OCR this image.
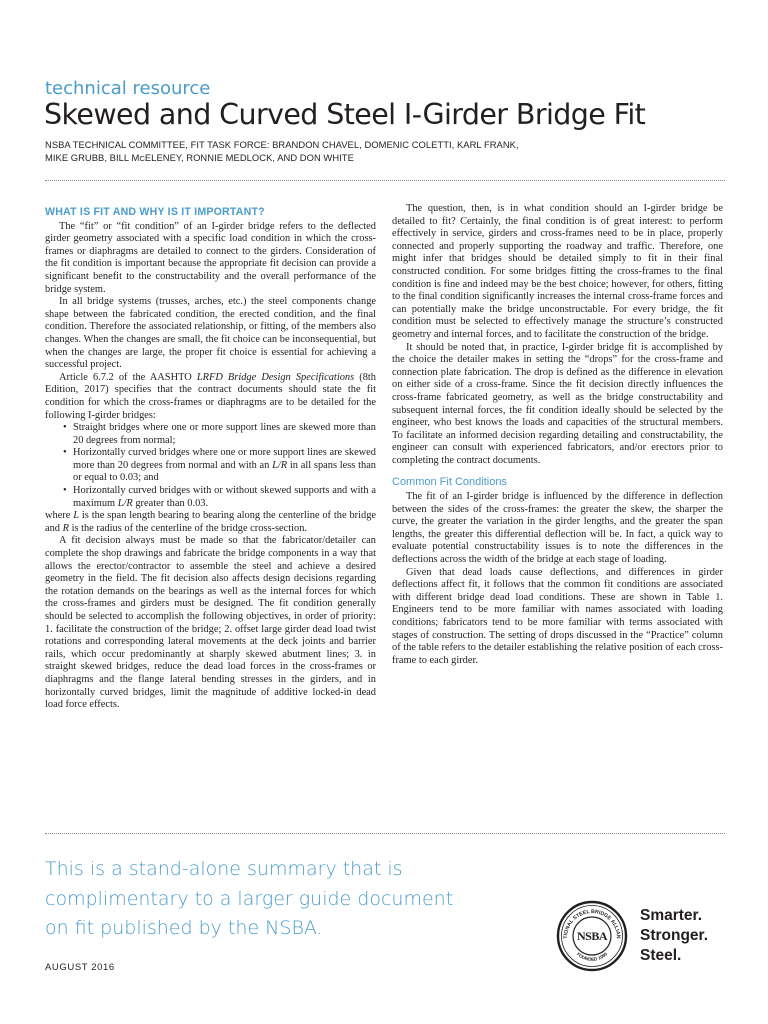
technical resource
Skewed and Curved Steel I-Girder Bridge Fit
NSBA TECHNICAL COMMITTEE, FIT TASK FORCE: BRANDON CHAVEL, DOMENIC COLETTI, KARL FRANK,
MIKE GRUBB, BILL MCELENEY, RONNIE MEDLOCK, AND DON WHITE
WHAT IS FIT AND WHY IS IT IMPORTANT?

The “fit” or “fit condition” of an I-girder bridge refers to the deflected girder geometry associated with a specific load condition in which the cross-frames or diaphragms are detailed to connect to the girders. Consideration of the fit condition is important because the appropriate fit decision can provide a significant benefit to the constructability and the overall performance of the bridge system.

In all bridge systems (trusses, arches, etc.) the steel components change shape between the fabricated condition, the erected condition, and the final condition. Therefore the associated relationship, or fitting, of the members also changes. When the changes are small, the fit choice can be inconsequential, but when the changes are large, the proper fit choice is essential for achieving a successful project.

Article 6.7.2 of the AASHTO LRFD Bridge Design Specifications (8th Edition, 2017) specifies that the contract documents should state the fit condition for which the cross-frames or diaphragms are to be detailed for the following I-girder bridges:

• Straight bridges where one or more support lines are skewed more than 20 degrees from normal;
• Horizontally curved bridges where one or more support lines are skewed more than 20 degrees from normal and with an L/R in all spans less than or equal to 0.03; and
• Horizontally curved bridges with or without skewed supports and with a maximum L/R greater than 0.03.

where L is the span length bearing to bearing along the centerline of the bridge and R is the radius of the centerline of the bridge cross-section.

A fit decision always must be made so that the fabricator/detailer can complete the shop drawings and fabricate the bridge components in a way that allows the erector/contractor to assemble the steel and achieve a desired geometry in the field. The fit decision also affects design decisions regarding the rotation demands on the bearings as well as the internal forces for which the cross-frames and girders must be designed. The fit condition generally should be selected to accomplish the following objectives, in order of priority: 1. facilitate the construction of the bridge; 2. offset large girder dead load twist rotations and corresponding lateral movements at the deck joints and barrier rails, which occur predominantly at sharply skewed abutment lines; 3. in straight skewed bridges, reduce the dead load forces in the cross-frames or diaphragms and the flange lateral bending stresses in the girders, and in horizontally curved bridges, limit the magnitude of additive locked-in dead load force effects.

The question, then, is in what condition should an I-girder bridge be detailed to fit? Certainly, the final condition is of great interest: to perform effectively in service, girders and cross-frames need to be in place, properly connected and properly supporting the roadway and traffic. Therefore, one might infer that bridges should be detailed simply to fit in their final constructed condition. For some bridges fitting the cross-frames to the final condition is fine and indeed may be the best choice; however, for others, fitting to the final condition significantly increases the internal cross-frame forces and can potentially make the bridge unconstructable. For every bridge, the fit condition must be selected to effectively manage the structure’s constructed geometry and internal forces, and to facilitate the construction of the bridge.

It should be noted that, in practice, I-girder bridge fit is accomplished by the choice the detailer makes in setting the “drops” for the cross-frame and connection plate fabrication. The drop is defined as the difference in elevation on either side of a cross-frame. Since the fit decision directly influences the cross-frame fabricated geometry, as well as the bridge constructability and subsequent internal forces, the fit condition ideally should be selected by the engineer, who best knows the loads and capacities of the structural members. To facilitate an informed decision regarding detailing and constructability, the engineer can consult with experienced fabricators, and/or erectors prior to completing the contract documents.

Common Fit Conditions

The fit of an I-girder bridge is influenced by the difference in deflection between the sides of the cross-frames: the greater the skew, the sharper the curve, the greater the variation in the girder lengths, and the greater the span lengths, the greater this differential deflection will be. In fact, a quick way to evaluate potential constructability issues is to note the differences in the deflections across the width of the bridge at each stage of loading.

Given that dead loads cause deflections, and differences in girder deflections affect fit, it follows that the common fit conditions are associated with different bridge dead load conditions. These are shown in Table 1. Engineers tend to be more familiar with names associated with loading conditions; fabricators tend to be more familiar with terms associated with stages of construction. The setting of drops discussed in the “Practice” column of the table refers to the detailer establishing the relative position of each cross-frame to each girder.

This is a stand-alone summary that is complimentary to a larger guide document on fit published by the NSBA.
AUGUST 2016
TIONAL STEEL BRIDGE ALLIAN
FOUNDED 1995
NSBA
Smarter.
Stronger.
Steel.
